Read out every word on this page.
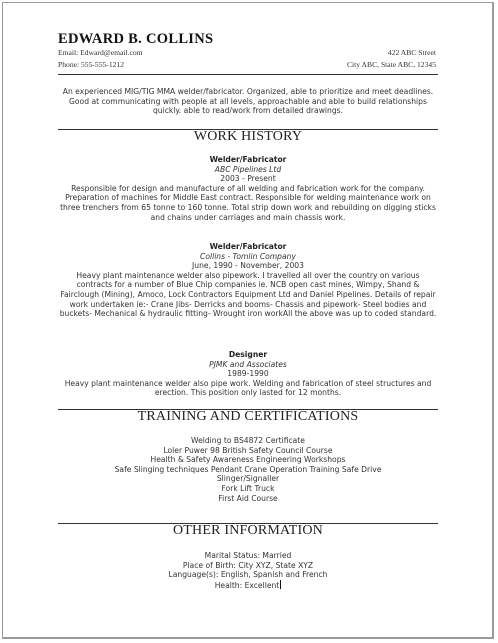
EDWARD B. COLLINS
Email: Edward@email.com
Phone: 555-555-1212
422 ABC Street
City ABC, State ABC, 12345
An experienced MIG/TIG MMA welder/fabricator. Organized, able to prioritize and meet deadlines. Good at communicating with people at all levels, approachable and able to build relationships quickly. able to read/work from detailed drawings.
WORK HISTORY
Welder/Fabricator
ABC Pipelines Ltd
2003 - Present
Responsible for design and manufacture of all welding and fabrication work for the company. Preparation of machines for Middle East contract. Responsible for welding maintenance work on three trenchers from 65 tonne to 160 tonne. Total strip down work and rebuilding on digging sticks and chains under carriages and main chassis work.
Welder/Fabricator
Collins - Tomlin Company
June, 1990 - November, 2003
Heavy plant maintenance welder also pipework. I travelled all over the country on various contracts for a number of Blue Chip companies ie. NCB open cast mines, Wimpy, Shand & Fairclough (Mining), Amoco, Lock Contractors Equipment Ltd and Daniel Pipelines. Details of repair work undertaken ie:- Crane Jibs- Derricks and booms- Chassis and pipework- Steel bodies and buckets- Mechanical & hydraulic fitting- Wrought iron workAll the above was up to coded standard.
Designer
PJMK and Associates
1989-1990
Heavy plant maintenance welder also pipe work. Welding and fabrication of steel structures and erection. This position only lasted for 12 months.
TRAINING AND CERTIFICATIONS
Welding to BS4872 Certificate
Loler Puwer 98 British Safety Council Course
Health & Safety Awareness Engineering Workshops
Safe Slinging techniques Pendant Crane Operation Training Safe Drive
Slinger/Signaller
Fork Lift Truck
First Aid Course
OTHER INFORMATION
Marital Status: Married
Place of Birth: City XYZ, State XYZ
Language(s): English, Spanish and French
Health: Excellent
